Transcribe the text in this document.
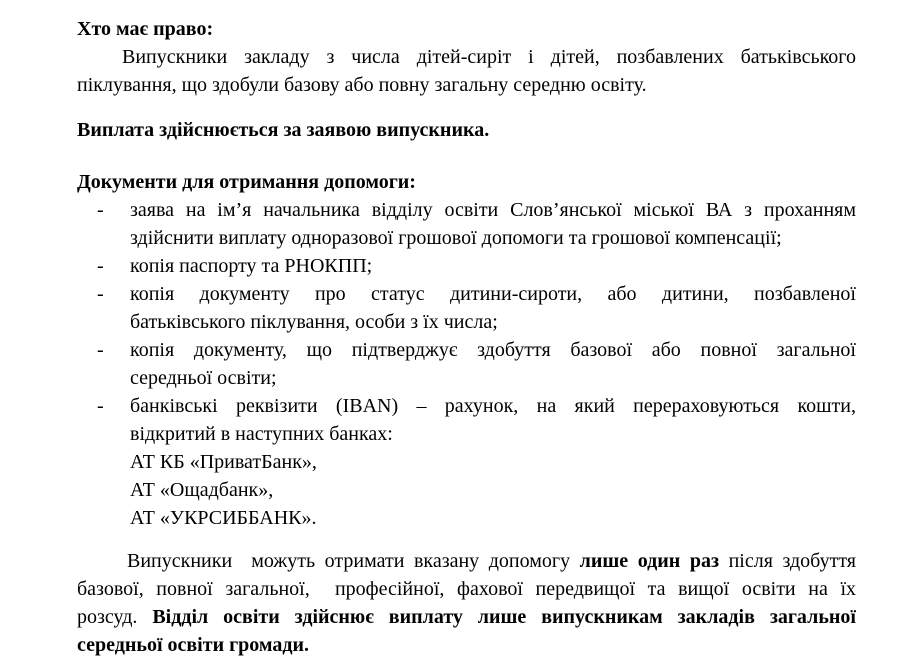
Хто має право:
Випускники закладу з числа дітей-сиріт і дітей, позбавлених батьківського
піклування, що здобули базову або повну загальну середню освіту.
Виплата здійснюється за заявою випускника.
Документи для отримання допомоги:
- заява на ім’я начальника відділу освіти Слов’янської міської ВА з проханням
здійснити виплату одноразової грошової допомоги та грошової компенсації;
- копія паспорту та РНОКПП;
- копія документу про статус дитини-сироти, або дитини, позбавленої
батьківського піклування, особи з їх числа;
- копія документу, що підтверджує здобуття базової або повної загальної
середньої освіти;
- банківські реквізити (IBAN) – рахунок, на який перераховуються кошти,
відкритий в наступних банках:
АТ КБ «ПриватБанк»,
АТ «Ощадбанк»,
АТ «УКРСИББАНК».
Випускники  можуть отримати вказану допомогу лише один раз після здобуття
базової, повної загальної,  професійної, фахової передвищої та вищої освіти на їх
розсуд. Відділ освіти здійснює виплату лише випускникам закладів загальної
середньої освіти громади.
